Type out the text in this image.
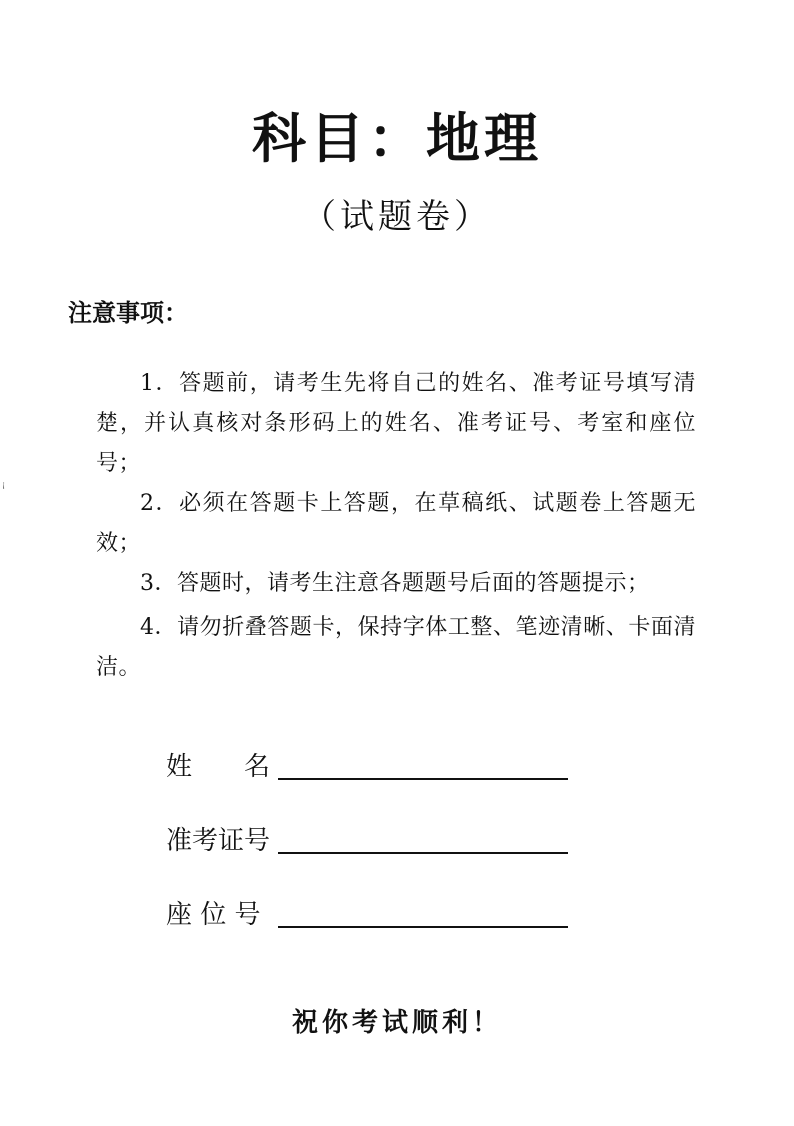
¡
科目：地理
（试题卷）
注意事项：
1．答题前，请考生先将自己的姓名、准考证号填写清楚，并认真核对条形码上的姓名、准考证号、考室和座位号；
2．必须在答题卡上答题，在草稿纸、试题卷上答题无效；
3．答题时，请考生注意各题题号后面的答题提示；
4．请勿折叠答题卡，保持字体工整、笔迹清晰、卡面清洁。
姓　　名
准考证号
座 位 号
祝你考试顺利！
